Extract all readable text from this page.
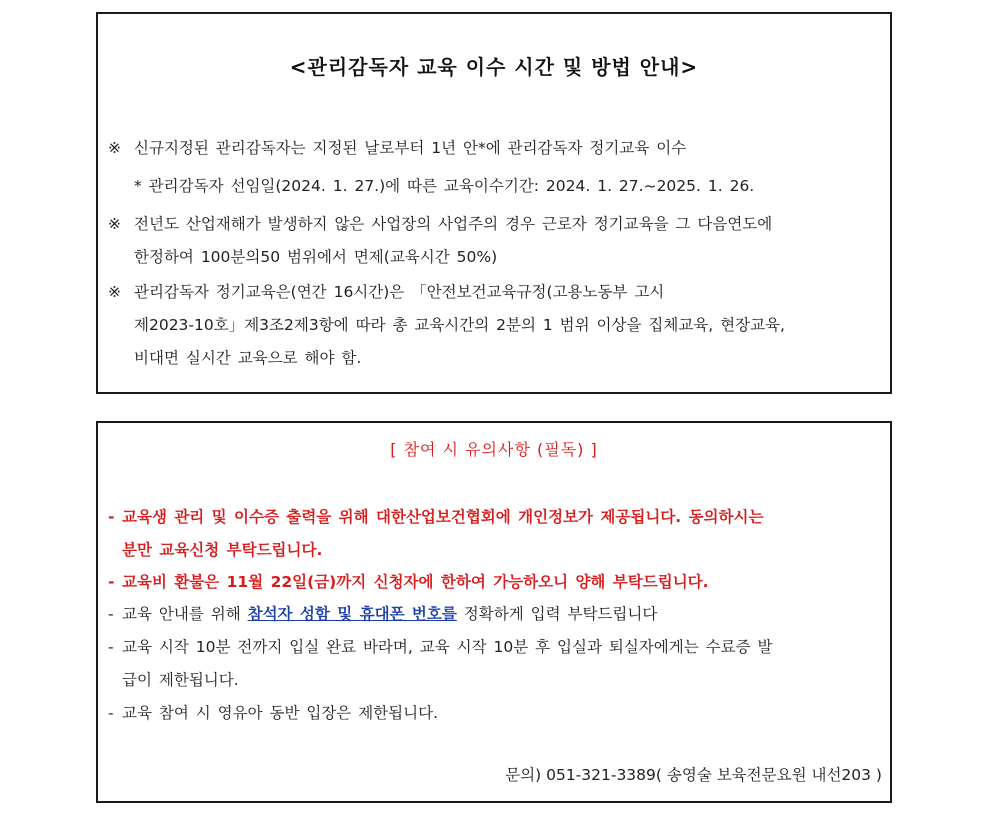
<관리감독자 교육 이수 시간 및 방법 안내>
※ 신규지정된 관리감독자는 지정된 날로부터 1년 안*에 관리감독자 정기교육 이수
* 관리감독자 선임일(2024. 1. 27.)에 따른 교육이수기간: 2024. 1. 27.~2025. 1. 26.
※ 전년도 산업재해가 발생하지 않은 사업장의 사업주의 경우 근로자 정기교육을 그 다음연도에
한정하여 100분의50 범위에서 면제(교육시간 50%)
※ 관리감독자 정기교육은(연간 16시간)은 「안전보건교육규정(고용노동부 고시
제2023-10호」제3조2제3항에 따라 총 교육시간의 2분의 1 범위 이상을 집체교육, 현장교육,
비대면 실시간 교육으로 해야 함.
[ 참여 시 유의사항 (필독) ]
- 교육생 관리 및 이수증 출력을 위해 대한산업보건협회에 개인정보가 제공됩니다. 동의하시는
분만 교육신청 부탁드립니다.
- 교육비 환불은 11월 22일(금)까지 신청자에 한하여 가능하오니 양해 부탁드립니다.
- 교육 안내를 위해 참석자 성함 및 휴대폰 번호를 정확하게 입력 부탁드립니다
- 교육 시작 10분 전까지 입실 완료 바라며, 교육 시작 10분 후 입실과 퇴실자에게는 수료증 발
급이 제한됩니다.
- 교육 참여 시 영유아 동반 입장은 제한됩니다.
문의) 051-321-3389( 송영술 보육전문요원 내선203 )
